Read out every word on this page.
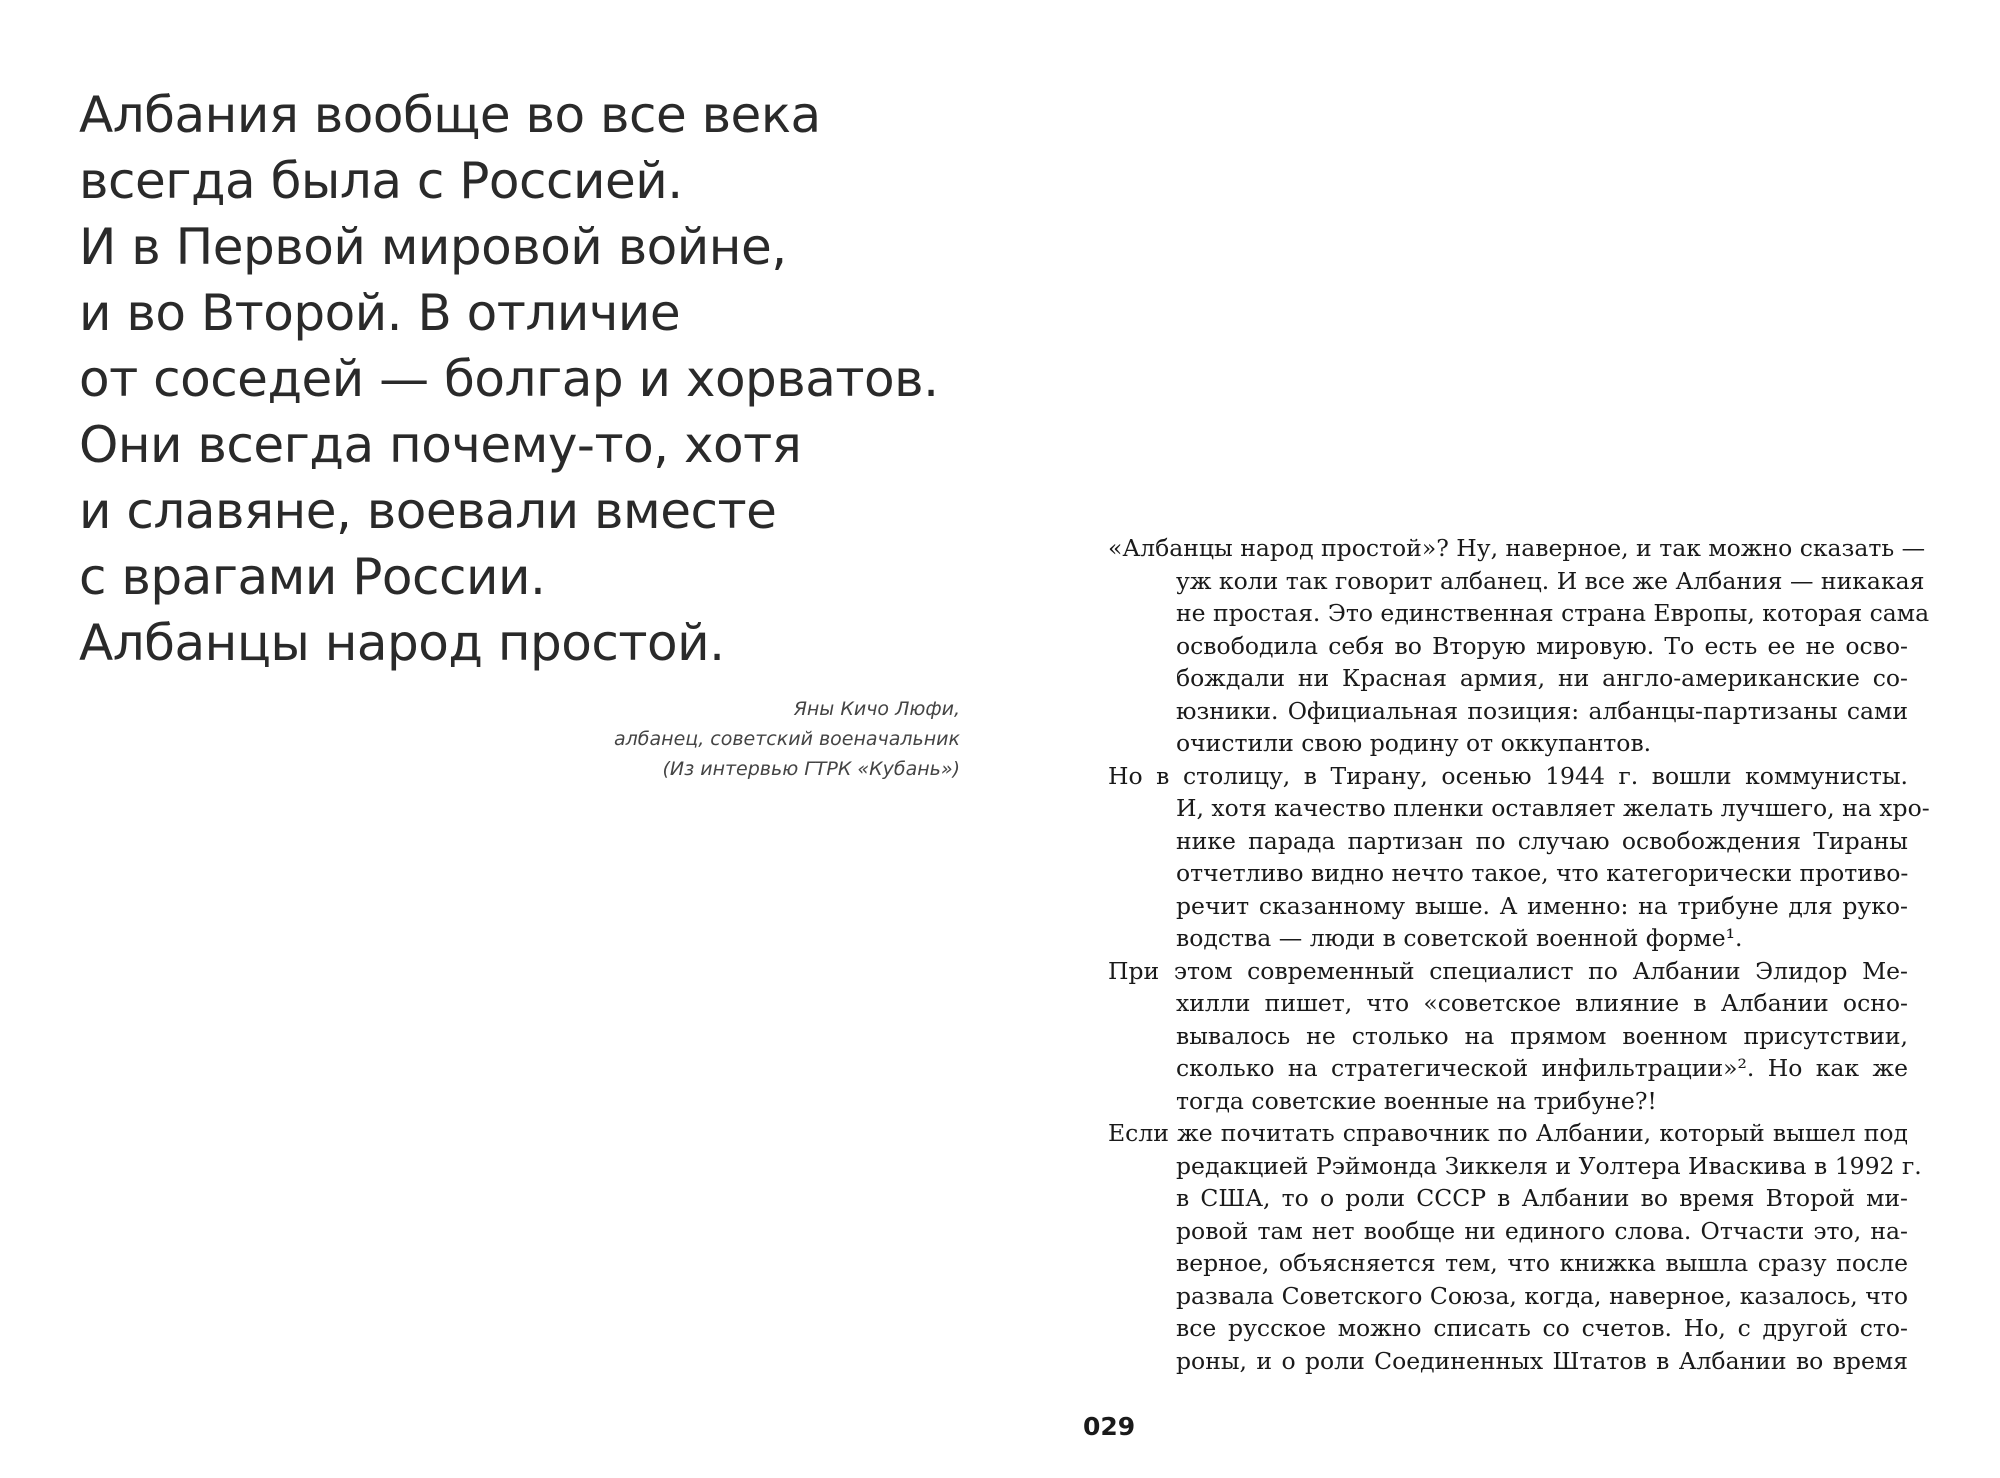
Албания вообще во все века
всегда была с Россией.
И в Первой мировой войне,
и во Второй. В отличие
от соседей — болгар и хорватов.
Они всегда почему-то, хотя
и славяне, воевали вместе
с врагами России.
Албанцы народ простой.
Яны Кичо Люфи,
албанец, советский военачальник
(Из интервью ГТРК «Кубань»)
«Албанцы народ простой»? Ну, наверное, и так можно сказать —
уж коли так говорит албанец. И все же Албания — никакая
не простая. Это единственная страна Европы, которая сама
освободила себя во Вторую мировую. То есть ее не осво-
бождали ни Красная армия, ни англо-американские со-
юзники. Официальная позиция: албанцы-партизаны сами
очистили свою родину от оккупантов.
Но в столицу, в Тирану, осенью 1944 г. вошли коммунисты.
И, хотя качество пленки оставляет желать лучшего, на хро-
нике парада партизан по случаю освобождения Тираны
отчетливо видно нечто такое, что категорически противо-
речит сказанному выше. А именно: на трибуне для руко-
водства — люди в советской военной форме¹.
При этом современный специалист по Албании Элидор Ме-
хилли пишет, что «советское влияние в Албании осно-
вывалось не столько на прямом военном присутствии,
сколько на стратегической инфильтрации»². Но как же
тогда советские военные на трибуне?!
Если же почитать справочник по Албании, который вышел под
редакцией Рэймонда Зиккеля и Уолтера Иваскива в 1992 г.
в США, то о роли СССР в Албании во время Второй ми-
ровой там нет вообще ни единого слова. Отчасти это, на-
верное, объясняется тем, что книжка вышла сразу после
развала Советского Союза, когда, наверное, казалось, что
все русское можно списать со счетов. Но, с другой сто-
роны, и о роли Соединенных Штатов в Албании во время
029
